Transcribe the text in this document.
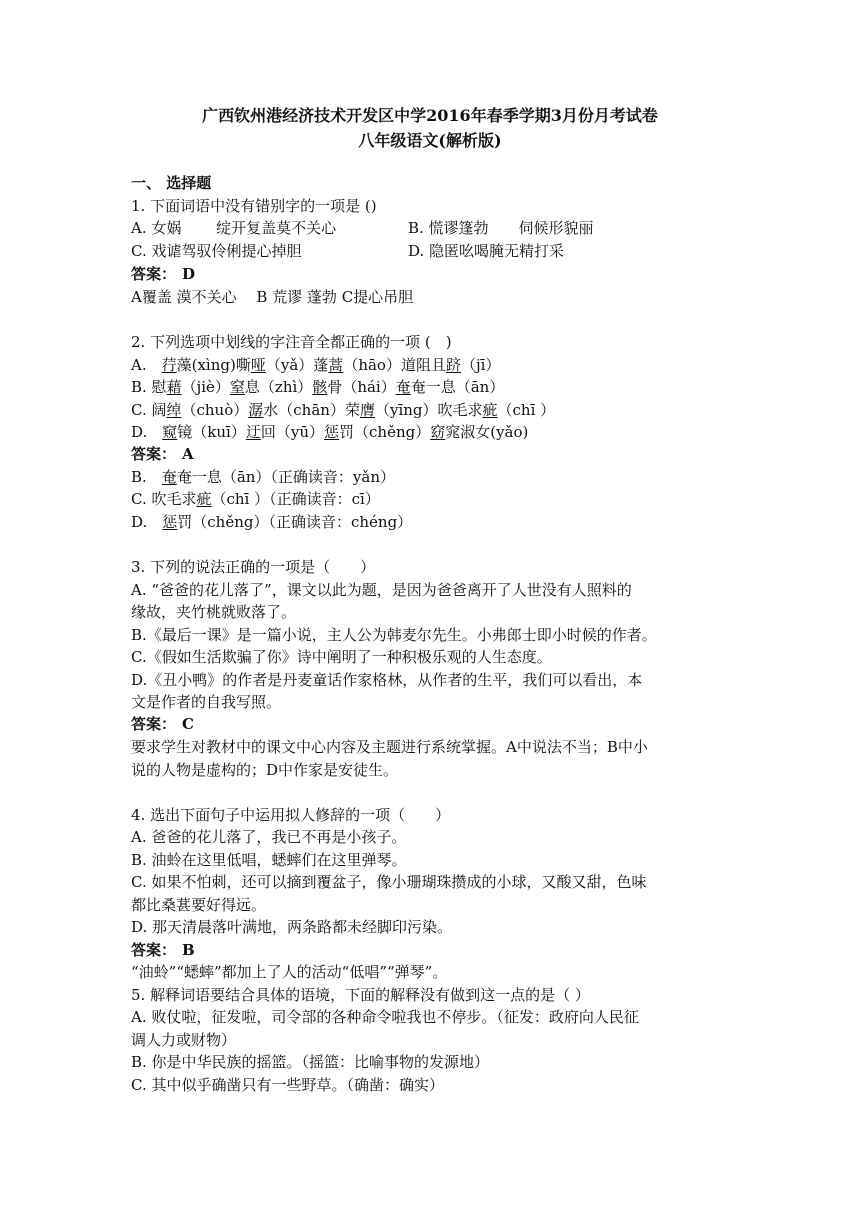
广西钦州港经济技术开发区中学2016年春季学期3月份月考试卷
八年级语文(解析版)
一、 选择题
1. 下面词语中没有错别字的一项是 ()
A. 女娲　　 绽开复盖莫不关心	B. 慌谬篷勃　　伺候形貌丽
C. 戏谑驾驭伶俐提心掉胆	D. 隐匿吆喝腌无精打采
答案： D
A覆盖 漠不关心　 B 荒谬 蓬勃 C提心吊胆
2. 下列选项中划线的字注音全都正确的一项 (　)
A.　荇藻(xìng)嘶哑（yǎ）蓬蒿（hāo）道阻且跻（jī）
B. 慰藉（jiè）窒息（zhì）骸骨（hái）奄奄一息（ān）
C. 阔绰（chuò）潺水（chān）荣膺（yīng）吹毛求疵（chī ）
D.　窥镜（kuī）迂回（yū）惩罚（chěng）窈窕淑女(yǎo)
答案： A
B.　奄奄一息（ān）（正确读音：yǎn）
C. 吹毛求疵（chī ）（正确读音：cī）
D.　惩罚（chěng）（正确读音：chéng）
3. 下列的说法正确的一项是（　　）
A. “爸爸的花儿落了”，课文以此为题，是因为爸爸离开了人世没有人照料的
缘故，夹竹桃就败落了。
B.《最后一课》是一篇小说，主人公为韩麦尔先生。小弗郎士即小时候的作者。
C.《假如生活欺骗了你》诗中阐明了一种积极乐观的人生态度。
D.《丑小鸭》的作者是丹麦童话作家格林，从作者的生平，我们可以看出，本
文是作者的自我写照。
答案： C
要求学生对教材中的课文中心内容及主题进行系统掌握。A中说法不当；B中小
说的人物是虚构的；D中作家是安徒生。
4. 选出下面句子中运用拟人修辞的一项（　　）
A. 爸爸的花儿落了，我已不再是小孩子。
B. 油蛉在这里低唱，蟋蟀们在这里弹琴。
C. 如果不怕刺，还可以摘到覆盆子，像小珊瑚珠攒成的小球，又酸又甜，色味
都比桑葚要好得远。
D. 那天清晨落叶满地，两条路都未经脚印污染。
答案： B
“油蛉”“蟋蟀”都加上了人的活动“低唱”“弹琴”。
5. 解释词语要结合具体的语境，下面的解释没有做到这一点的是（ ）
A. 败仗啦，征发啦，司令部的各种命令啦我也不停步。（征发：政府向人民征
调人力或财物）
B. 你是中华民族的摇篮。（摇篮：比喻事物的发源地）
C. 其中似乎确凿只有一些野草。（确凿：确实）
